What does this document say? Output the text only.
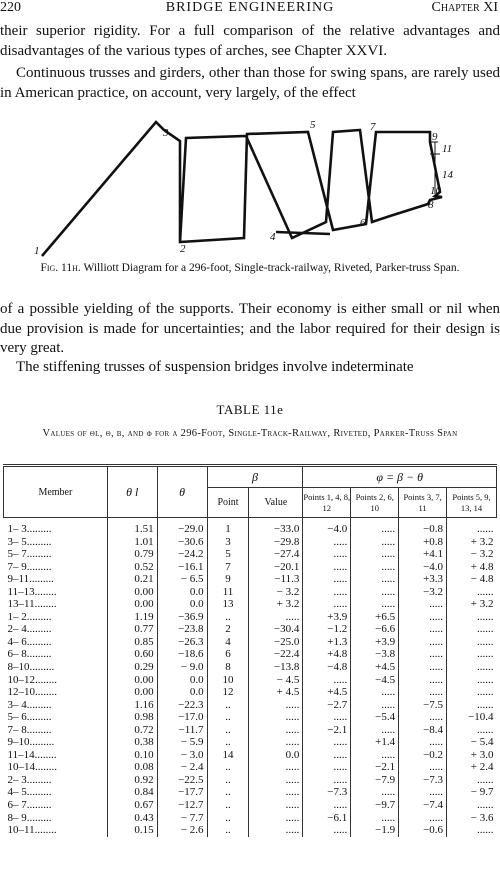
220	BRIDGE ENGINEERING	Chapter XI

their superior rigidity. For a full comparison of the relative advantages and disadvantages of the various types of arches, see Chapter XXVI.

Continuous trusses and girders, other than those for swing spans, are rarely used in American practice, on account, very largely, of the effect

1	2
3
4
5
6
7
8
9
10
11
14
Fig. 11h. Williott Diagram for a 296-foot, Single-track-railway, Riveted, Parker-truss Span.

of a possible yielding of the supports. Their economy is either small or nil when due provision is made for uncertainties; and the labor required for their design is very great.

The stiffening trusses of suspension bridges involve indeterminate

TABLE 11e
Values of θl, θ, β, and φ for a 296-Foot, Single-Track-Railway, Riveted, Parker-Truss Span
Member	θ l	θ	β		φ = β − θ			
			Point	Value	Points 1, 4, 8, 12	Points 2, 6, 10	Points 3, 7, 11	Points 5, 9, 13, 14
1– 3.........	1.51	−29.0	1	−33.0	−4.0	.....	−0.8	......
3– 5.........	1.01	−30.6	3	−29.8	.....	.....	+0.8	+ 3.2
5– 7.........	0.79	−24.2	5	−27.4	.....	.....	+4.1	− 3.2
7– 9.........	0.52	−16.1	7	−20.1	.....	.....	−4.0	+ 4.8
9–11.........	0.21	− 6.5	9	−11.3	.....	.....	+3.3	− 4.8
11–13........	0.00	0.0	11	− 3.2	.....	.....	−3.2	......
13–11........	0.00	0.0	13	+ 3.2	.....	.....	.....	+ 3.2
1– 2.........	1.19	−36.9	..	.....	+3.9	+6.5	.....	......
2– 4.........	0.77	−23.8	2	−30.4	−1.2	−6.6	.....	......
4– 6.........	0.85	−26.3	4	−25.0	+1.3	+3.9	.....	......
6– 8.........	0.60	−18.6	6	−22.4	+4.8	−3.8	.....	......
8–10.........	0.29	− 9.0	8	−13.8	−4.8	+4.5	.....	......
10–12........	0.00	0.0	10	− 4.5	.....	−4.5	.....	......
12–10........	0.00	0.0	12	+ 4.5	+4.5	.....	.....	......
3– 4.........	1.16	−22.3	..	.....	−2.7	.....	−7.5	......
5– 6.........	0.98	−17.0	..	.....	.....	−5.4	.....	−10.4
7– 8.........	0.72	−11.7	..	.....	−2.1	.....	−8.4	......
9–10.........	0.38	− 5.9	..	.....	.....	+1.4	.....	− 5.4
11–14........	0.10	− 3.0	14	0.0	.....	.....	−0.2	+ 3.0
10–14........	0.08	− 2.4	..	.....	.....	−2.1	.....	+ 2.4
2– 3.........	0.92	−22.5	..	.....	.....	−7.9	−7.3	......
4– 5.........	0.84	−17.7	..	.....	−7.3	.....	.....	− 9.7
6– 7.........	0.67	−12.7	..	.....	.....	−9.7	−7.4	......
8– 9.........	0.43	− 7.7	..	.....	−6.1	.....	.....	− 3.6
10–11........	0.15	− 2.6	..	.....	.....	−1.9	−0.6	......
